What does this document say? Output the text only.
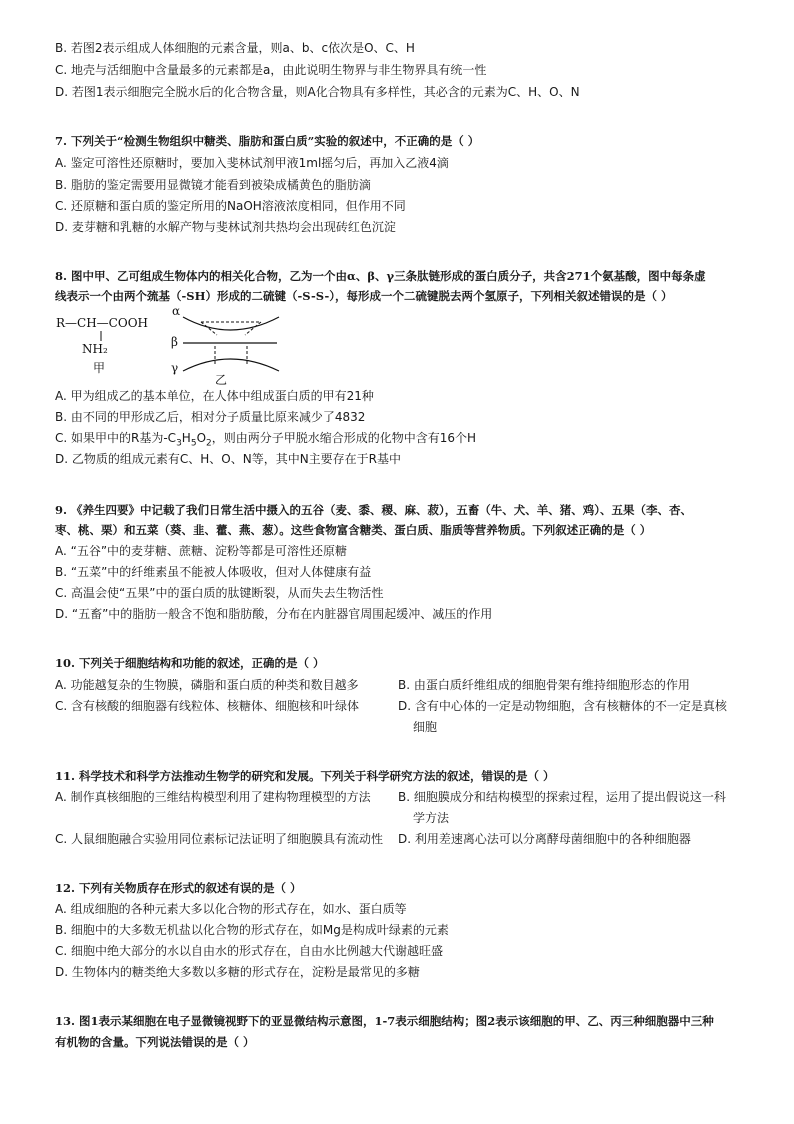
B. 若图2表示组成人体细胞的元素含量，则a、b、c依次是O、C、H
C. 地壳与活细胞中含量最多的元素都是a，由此说明生物界与非生物界具有统一性
D. 若图1表示细胞完全脱水后的化合物含量，则A化合物具有多样性，其必含的元素为C、H、O、N
7. 下列关于“检测生物组织中糖类、脂肪和蛋白质”实验的叙述中，不正确的是（ ）
A. 鉴定可溶性还原糖时，要加入斐林试剂甲液1ml摇匀后，再加入乙液4滴
B. 脂肪的鉴定需要用显微镜才能看到被染成橘黄色的脂肪滴
C. 还原糖和蛋白质的鉴定所用的NaOH溶液浓度相同，但作用不同
D. 麦芽糖和乳糖的水解产物与斐林试剂共热均会出现砖红色沉淀
8. 图中甲、乙可组成生物体内的相关化合物，乙为一个由α、β、γ三条肽链形成的蛋白质分子，共含271个氨基酸，图中每条虚
线表示一个由两个巯基（-SH）形成的二硫键（-S-S-），每形成一个二硫键脱去两个氢原子，下列相关叙述错误的是（ ）
R—CH—COOH
NH₂
甲
α
β
γ
乙
A. 甲为组成乙的基本单位，在人体中组成蛋白质的甲有21种
B. 由不同的甲形成乙后，相对分子质量比原来减少了4832
C. 如果甲中的R基为$-C_3H_5O_2$，则由两分子甲脱水缩合形成的化物中含有16个H
D. 乙物质的组成元素有C、H、O、N等，其中N主要存在于R基中
9. 《养生四要》中记载了我们日常生活中摄入的五谷（麦、黍、稷、麻、菽），五畜（牛、犬、羊、猪、鸡）、五果（李、杏、
枣、桃、栗）和五菜（葵、韭、藿、燕、葱）。这些食物富含糖类、蛋白质、脂质等营养物质。下列叙述正确的是（ ）
A. “五谷”中的麦芽糖、蔗糖、淀粉等都是可溶性还原糖
B. “五菜”中的纤维素虽不能被人体吸收，但对人体健康有益
C. 高温会使“五果”中的蛋白质的肽键断裂，从而失去生物活性
D. “五畜”中的脂肪一般含不饱和脂肪酸，分布在内脏器官周围起缓冲、减压的作用
10. 下列关于细胞结构和功能的叙述，正确的是（ ）
A. 功能越复杂的生物膜，磷脂和蛋白质的种类和数目越多	B. 由蛋白质纤维组成的细胞骨架有维持细胞形态的作用
C. 含有核酸的细胞器有线粒体、核糖体、细胞核和叶绿体	D. 含有中心体的一定是动物细胞，含有核糖体的不一定是真核
细胞
11. 科学技术和科学方法推动生物学的研究和发展。下列关于科学研究方法的叙述，错误的是（ ）
A. 制作真核细胞的三维结构模型利用了建构物理模型的方法 B. 细胞膜成分和结构模型的探索过程，运用了提出假说这一科
学方法
C. 人鼠细胞融合实验用同位素标记法证明了细胞膜具有流动性 D. 利用差速离心法可以分离酵母菌细胞中的各种细胞器
12. 下列有关物质存在形式的叙述有误的是（ ）
A. 组成细胞的各种元素大多以化合物的形式存在，如水、蛋白质等
B. 细胞中的大多数无机盐以化合物的形式存在，如Mg是构成叶绿素的元素
C. 细胞中绝大部分的水以自由水的形式存在，自由水比例越大代谢越旺盛
D. 生物体内的糖类绝大多数以多糖的形式存在，淀粉是最常见的多糖
13. 图1表示某细胞在电子显微镜视野下的亚显微结构示意图，1-7表示细胞结构；图2表示该细胞的甲、乙、丙三种细胞器中三种
有机物的含量。下列说法错误的是（ ）
